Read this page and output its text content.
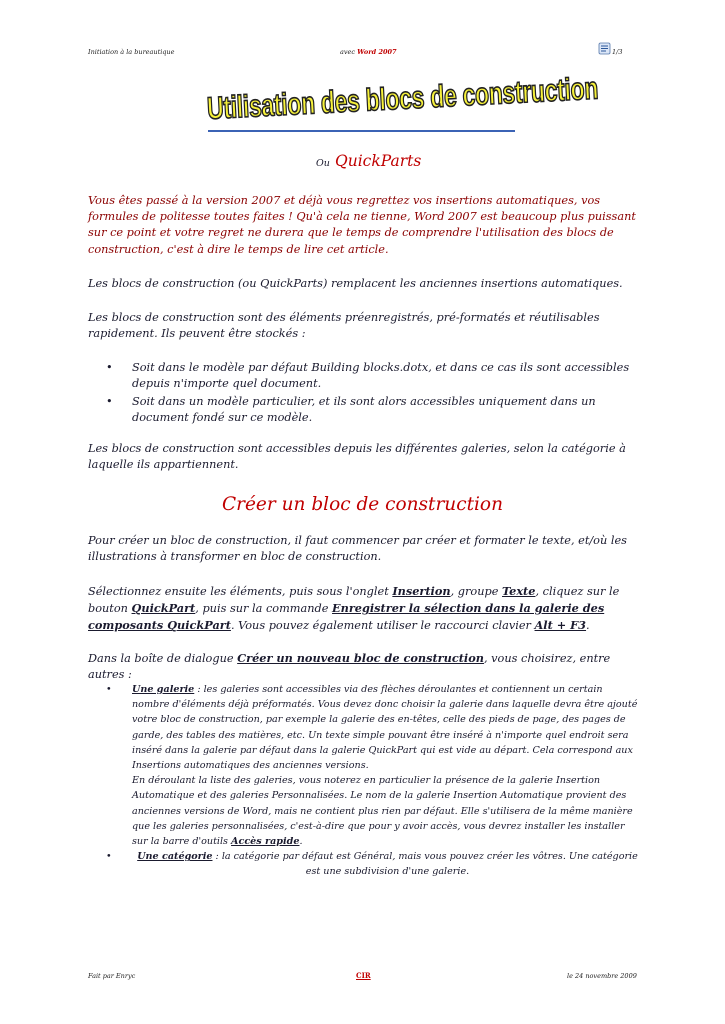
Initiation à la bureautique	avec Word 2007	1/3
Utilisation des blocs de construction
Ou QuickParts

Vous êtes passé à la version 2007 et déjà vous regrettez vos insertions automatiques, vos formules de politesse toutes faites ! Qu'à cela ne tienne, Word 2007 est beaucoup plus puissant sur ce point et votre regret ne durera que le temps de comprendre l'utilisation des blocs de construction, c'est à dire le temps de lire cet article.

Les blocs de construction (ou QuickParts) remplacent les anciennes insertions automatiques.

Les blocs de construction sont des éléments préenregistrés, pré-formatés et réutilisables rapidement. Ils peuvent être stockés :

• Soit dans le modèle par défaut Building blocks.dotx, et dans ce cas ils sont accessibles depuis n'importe quel document.
• Soit dans un modèle particulier, et ils sont alors accessibles uniquement dans un document fondé sur ce modèle.

Les blocs de construction sont accessibles depuis les différentes galeries, selon la catégorie à laquelle ils appartiennent.

Créer un bloc de construction

Pour créer un bloc de construction, il faut commencer par créer et formater le texte, et/où les illustrations à transformer en bloc de construction.

Sélectionnez ensuite les éléments, puis sous l'onglet Insertion, groupe Texte, cliquez sur le bouton QuickPart, puis sur la commande Enregistrer la sélection dans la galerie des composants QuickPart. Vous pouvez également utiliser le raccourci clavier Alt + F3.

Dans la boîte de dialogue Créer un nouveau bloc de construction, vous choisirez, entre autres :

• Une galerie : les galeries sont accessibles via des flèches déroulantes et contiennent un certain nombre d'éléments déjà préformatés. Vous devez donc choisir la galerie dans laquelle devra être ajouté votre bloc de construction, par exemple la galerie des en-têtes, celle des pieds de page, des pages de garde, des tables des matières, etc. Un texte simple pouvant être inséré à n'importe quel endroit sera inséré dans la galerie par défaut dans la galerie QuickPart qui est vide au départ. Cela correspond aux Insertions automatiques des anciennes versions.
En déroulant la liste des galeries, vous noterez en particulier la présence de la galerie Insertion Automatique et des galeries Personnalisées. Le nom de la galerie Insertion Automatique provient des anciennes versions de Word, mais ne contient plus rien par défaut. Elle s'utilisera de la même manière que les galeries personnalisées, c'est-à-dire que pour y avoir accès, vous devrez installer les installer sur la barre d'outils Accès rapide.
•	Une catégorie : la catégorie par défaut est Général, mais vous pouvez créer les vôtres. Une catégorie est une subdivision d'une galerie.
Fait par Enryc	CIR	le 24 novembre 2009
